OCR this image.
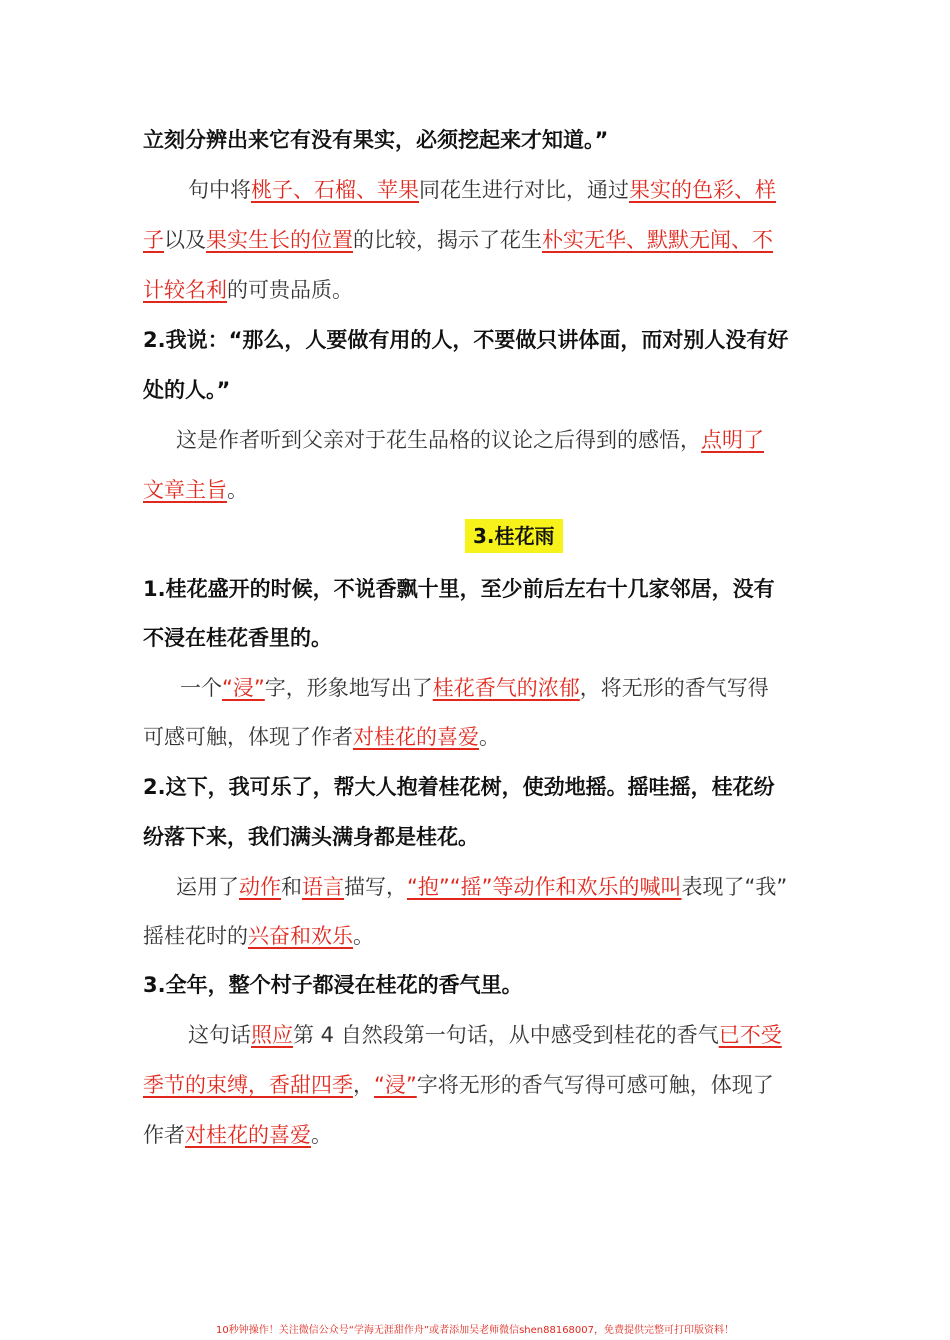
立刻分辨出来它有没有果实，必须挖起来才知道。”
句中将桃子、石榴、苹果同花生进行对比，通过果实的色彩、样
子以及果实生长的位置的比较，揭示了花生朴实无华、默默无闻、不
计较名利的可贵品质。
2.我说：“那么，人要做有用的人，不要做只讲体面，而对别人没有好
处的人。”
这是作者听到父亲对于花生品格的议论之后得到的感悟，点明了
文章主旨。
3.桂花雨
1.桂花盛开的时候，不说香飘十里，至少前后左右十几家邻居，没有
不浸在桂花香里的。
一个“浸”字，形象地写出了桂花香气的浓郁，将无形的香气写得
可感可触，体现了作者对桂花的喜爱。
2.这下，我可乐了，帮大人抱着桂花树，使劲地摇。摇哇摇，桂花纷
纷落下来，我们满头满身都是桂花。
运用了动作和语言描写，“抱”“摇”等动作和欢乐的喊叫表现了“我”
摇桂花时的兴奋和欢乐。
3.全年，整个村子都浸在桂花的香气里。
这句话照应第 4 自然段第一句话，从中感受到桂花的香气已不受
季节的束缚，香甜四季，“浸”字将无形的香气写得可感可触，体现了
作者对桂花的喜爱。
10秒钟操作！关注微信公众号“学海无涯甜作舟”或者添加吴老师微信shen88168007，免费提供完整可打印版资料！
